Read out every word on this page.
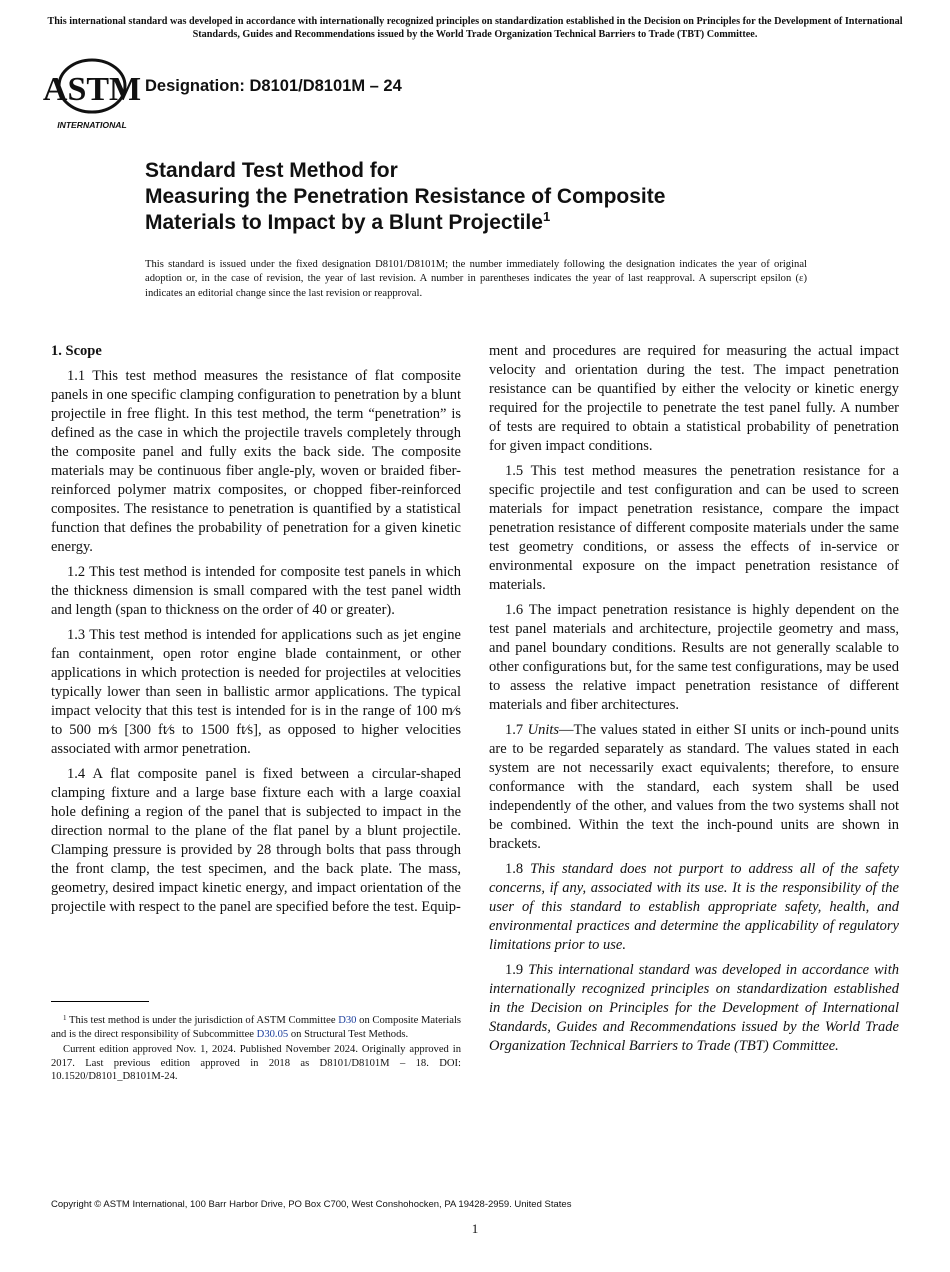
This international standard was developed in accordance with internationally recognized principles on standardization established in the Decision on Principles for the Development of International Standards, Guides and Recommendations issued by the World Trade Organization Technical Barriers to Trade (TBT) Committee.
ASTM
INTERNATIONAL
Designation: D8101/D8101M – 24
Standard Test Method for
Measuring the Penetration Resistance of Composite
Materials to Impact by a Blunt Projectile$^1$
This standard is issued under the fixed designation D8101/D8101M; the number immediately following the designation indicates the year of original adoption or, in the case of revision, the year of last revision. A number in parentheses indicates the year of last reapproval. A superscript epsilon (ε) indicates an editorial change since the last revision or reapproval.
1. Scope

1.1 This test method measures the resistance of flat composite panels in one specific clamping configuration to penetration by a blunt projectile in free flight. In this test method, the term “penetration” is defined as the case in which the projectile travels completely through the composite panel and fully exits the back side. The composite materials may be continuous fiber angle-ply, woven or braided fiber-reinforced polymer matrix composites, or chopped fiber-reinforced composites. The resistance to penetration is quantified by a statistical function that defines the probability of penetration for a given kinetic energy.

1.2 This test method is intended for composite test panels in which the thickness dimension is small compared with the test panel width and length (span to thickness on the order of 40 or greater).

1.3 This test method is intended for applications such as jet engine fan containment, open rotor engine blade containment, or other applications in which protection is needed for projectiles at velocities typically lower than seen in ballistic armor applications. The typical impact velocity that this test is intended for is in the range of 100 m⁄s to 500 m⁄s [300 ft⁄s to 1500 ft⁄s], as opposed to higher velocities associated with armor penetration.

1.4 A flat composite panel is fixed between a circular-shaped clamping fixture and a large base fixture each with a large coaxial hole defining a region of the panel that is subjected to impact in the direction normal to the plane of the flat panel by a blunt projectile. Clamping pressure is provided by 28 through bolts that pass through the front clamp, the test specimen, and the back plate. The mass, geometry, desired impact kinetic energy, and impact orientation of the projectile with respect to the panel are specified before the test. Equip-

ment and procedures are required for measuring the actual impact velocity and orientation during the test. The impact penetration resistance can be quantified by either the velocity or kinetic energy required for the projectile to penetrate the test panel fully. A number of tests are required to obtain a statistical probability of penetration for given impact conditions.

1.5 This test method measures the penetration resistance for a specific projectile and test configuration and can be used to screen materials for impact penetration resistance, compare the impact penetration resistance of different composite materials under the same test geometry conditions, or assess the effects of in-service or environmental exposure on the impact penetration resistance of materials.

1.6 The impact penetration resistance is highly dependent on the test panel materials and architecture, projectile geometry and mass, and panel boundary conditions. Results are not generally scalable to other configurations but, for the same test configurations, may be used to assess the relative impact penetration resistance of different materials and fiber architectures.

1.7 Units—The values stated in either SI units or inch-pound units are to be regarded separately as standard. The values stated in each system are not necessarily exact equivalents; therefore, to ensure conformance with the standard, each system shall be used independently of the other, and values from the two systems shall not be combined. Within the text the inch-pound units are shown in brackets.

1.8 This standard does not purport to address all of the safety concerns, if any, associated with its use. It is the responsibility of the user of this standard to establish appropriate safety, health, and environmental practices and determine the applicability of regulatory limitations prior to use.

1.9 This international standard was developed in accordance with internationally recognized principles on standardization established in the Decision on Principles for the Development of International Standards, Guides and Recommendations issued by the World Trade Organization Technical Barriers to Trade (TBT) Committee.

$^1$ This test method is under the jurisdiction of ASTM Committee D30 on Composite Materials and is the direct responsibility of Subcommittee D30.05 on Structural Test Methods.

Current edition approved Nov. 1, 2024. Published November 2024. Originally approved in 2017. Last previous edition approved in 2018 as D8101/D8101M – 18. DOI: 10.1520/D8101_D8101M-24.

Copyright © ASTM International, 100 Barr Harbor Drive, PO Box C700, West Conshohocken, PA 19428-2959. United States
1
